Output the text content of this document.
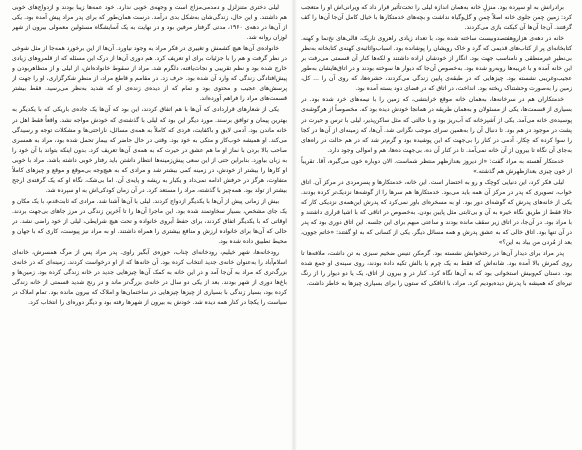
برادرانش به او سپرده بود. منزلِ خانه به‌همان اندازه لیلی را تحت‌تأثیر قرار داد که ویرانی‌اش او را متعجب کرد: زمین چمن جلوی خانه اصلاً چمن و گل‌وگیاه نداشت و بچه‌های خدمتکارها با خیال کامل آن‌جا آن‌ها را کف گرفتند. آن‌جا آن‌ها آن کبکت بازی می‌کردند.

خانه در دهه‌ی هزاروهفتصدوبیست ساخته شده بود، با تعداد زیادی راهروی تاریک، قالی‌های نخ‌نما و کهنه. کتابخانه‌ای پر از کتاب‌های قدیمی که گرد و خاک رویشان را پوشانده بود. اسباب‌واثاثیه‌ی کهنه‌ی کتابخانه به‌نظر بی‌نظیرِ غیرمنطقی و نامناسب جهت بود. انگار از خودشان اراده داشتند و لکه‌ها کنار آن قسمتی می‌رفت بر این خانه آمده و با غریبه‌ها رو‌به‌رو شده بود. به‌خصوص آن‌جا که دیوار ها سوخته بودند و در اتاق‌هایشان به‌طور عجیب‌وغریبی نشسته بود. چیزهایی که در طبقه‌ی پایین زندگی می‌کردند، حشره‌ها، که روی آن را ... کل، زمین را به‌صورت وحشتناک ریخته بود. انداخت، در اتاق که در فضای دود بسته آمده بود.

خدمتکاران هم در سرخانه‌ها، به‌همان خانه موقع خرابتشی، که زمین را با نیمه‌های خرد شده بود. در بسیاری از قسمت‌ها، یکی از مسئولان و به‌همان طریقه در همانجا خودش دیده بود که. مخصوصاً از هرگوشه‌ی پوسیده‌ی خانه می‌آمد. یکی از آشپزخانه که آب‌ریز بود و با حالتی که مثل ساکن‌پذیر، لیلی با ترس و حیرت در پشت در موجود در هم بود. تا دنبال آن را به‌همین سرای موجب نگرانی شد. آن‌ها، که زمینه‌ای از آن‌ها در کجا را سوا کرده که چکار. آدمی در کنار را بی‌جهت که این پوشیده بود و گرم‌تر شد که در هم حالت در راه‌های به‌جای آن نگاه تا بیرون از آن خانه نمی‌آمد. تا در کنار آن ده، بی‌جهت ده‌ها، هم و اموالی وجود دارد.

خدمتکار آهسته به مراد گفت: «از دیروز بعدازظهر منتظر شماست. الان دوباره خون می‌گیره، آقا. تقریباً از خون چیزی بعدازظهرش هم گذشته.»

لیلی فکر کرد، این دنیایی کوچک و رو به احتضار است. این خانه، خدمتکارها و پسرمردی در مرکز آن. اتاق خواب، تصویری که پدر در مرکز آن همه باید می‌بود. خدمتکارها هم سرها را از گوشه‌ها نزدیک‌تر کرده بودند. یکی از خانه‌های پدرش که گوشه‌ای دور بود. او به مسخره‌ای باور نمی‌کرد که پدرش این‌همه‌ی نزدیکی کار که حالا فقط از طریق نگاه خیره به آن و بی‌ثابتی مثل پایین بودن. به‌خصوص در اتاقی که با اشیا قراری داشتند و با مراد بود. در آن‌جا، در اتاق زیر سقف مانده بودند و ساعتی مبهم برای این جلسه. این اتاق دوری بود که پدر در آن تنها بود. اتاق خالی که به عشق پدرش و همه مسائل دیگر. یکی از کسانی که به او گفتند: «خاتم جوون، بعد از مُردن من بیاد به این؟»

پدر مراد برای دیدار آن‌ها در رختخوابش نشسته بود. گرمکن تنیس ضخیم سبزی به تن داشت، ملافه‌ها تا روی کمرش بالا آمده بود. شانه‌اش که فقط به یک چرم یا بالش تکیه داده بودند، روی سینه‌ی او جمع شده بود. دستان کم‌وبیش استخوانی بود که به آن‌ها نگاه کرد. کنار در و بیرون از اتاق، یک یا دو دیوار را از رنگ تیره‌ای که همیشه با پدرش دیده‌بودیم کرد. مراد، با اتاقکی که ستون را برای بسیاری چیزها به خاطر داشت.

لیلی دختری متنزلزل و دمدمی‌مزاج است و وجهه‌ی خوبی ندارد. خود عمه‌ها زیبا بودند و ازدواج‌های خوبی هم داشتند. و این حال، زندگی‌شان به‌شکل بدی درآمد. درست همان‌طور که برای پدر مراد پیش آمده بود. یکی از آن‌ها در دهه‌ی ۱۹۶۰، مدتی گرفتار مرفین بود و در نهایت به یک آسایشگاه مسئولین معمولی بیرون از شهر لوزان روانه شد.

خانواده‌ی آن‌ها هیچ کشمش و تغییری در فکر مراد به وجود نیاورد. آن‌ها از این برخورد همه‌جا از مثل شوخی در نظر گرفت و هم را با جزئیات برای او تعریف کرد. هم دوری آن‌ها از درک این مسئله که از قلمروهای زیادی خارج شده بود و نظم تقریبی و نجات‌یافته، دلگرم شد. مراد از سقوط خانواده‌اش، از لیلی و از متظاهربودن و پیش‌افتادگی زندگی که وارد آن شده بود. حرف زد. در مقامم و قاطع مراد، از منظرِ شکرگزاری، او را جهت از پرسش‌های عجیب و محتوی بود و تمام که از دیده‌ی زنده‌ی او که شدید به‌نظر ‌می‌رسید. فقط بیشتر قسمت‌های مراد را فراهم آورده‌اند.

یکی از شعارهای قراردادی که آن‌ها با هم اتفاق کردند، این بود که آن‌ها یک جاده‌ی باریکی که با یکدیگر به بهترین پیمان و توافق برسند. مورد دیگر این بود که لیلی با گذشته‌ی که خودش مواجه نشد. واقعاً فقط اهل در خانه ماندن بود. آدمی لایق و باکفایت، فردی که کاملاً به همه‌ی مسائل، ناراحتی‌ها و مشکلات توجه و رسیدگی می‌کند. او همیشه خوب‌کار و متکی به خود بود. وقتی در حال حاضر که بیمار تحمل شده بود، مراد به همسری صاحب بالا بردن با نماز او ما هم عشق در حیرت که به همه‌ی آن‌ها تعریف کرد. بدون اینکه بتواند با آن خود را به زبان بیاورد. بنابراین حتی از این سعی پیش‌زمینه‌ها انتظار داشتن باید رفتار خوبی داشته باشد. مراد با خوبی او کارها را بیشتر از خودش، در زمینه کمی بیشتر شد و مرادی که به هیچ‌وجه بی‌موقع و موقع و چیزهای کاملاً متفاوت، هرگز در حرفش ادامه نمی‌داد و یکبار به ریشه و پایه‌ی آن. اما بی‌شک، نگاه او که یک گرفته‌ی ارجح بیشتر از تولد بود. همه‌چیز با گذشته، مراد را مستعد کرد. در آن زمان کودکی‌اش به او سپرده شد.

بیش از زمانی پیش از آن‌ها با یکدیگر ازدواج کردند. لیلی با آن‌ها آشنا شد. مرادی که ثابت‌قدم، با یک مکان و یک جای مشخص، بسیار سخاوتمند شده بود. این ماجرا آن‌ها را تا آخرین زندگی در مرز جاهای بی‌جهت بردند. اوقاتی که با یکدیگر اتفاق کردند، برای حفظ آبروی خانواده و تحت هیچ شرایطی، لیلی از خود راضی نشد. در حالی که آن‌ها برای خانواده ارزش و منافع بیشتری را همراه داشتند. او به مراد نیز پیوست، کاری که با جهان و محیط تطبیق داده شده بود.

رودخانه‌ها، شهر خیلیم، رودخانه‌ای چناب، حوزه‌ی آبگیر راوی. پدر مراد پس از مرگ همسرش، خانه‌ای اسلام‌آباد را به‌عنوان خانه‌ی جدید انتخاب کرده بود. آن خانه‌ها که از او درخواست کردند. زمینه‌ای که در خانه‌ی بزرگ‌تری که مراد به آن‌جا آمد و در این خانه به کمک آن‌ها چیزهایی جدید در خانه زندگی کرده بود. زمین‌ها و باغ‌ها دوری از شهر بودند. بعد از یکی دو سال در خانه‌ی بزرگ‌تر ماند و در رنج شدید قسمتی از خانه زندگی کرده بود، بسیار زندگی با بسیاری از چیزها چیزهایی در ساختمان‌ها و املاک که بیرون مانده بود. تمام املاک در سیاست را یکجا در کنار همه دیده شد. خودش به بیرون از شهرها رفته بود و دیگر دوره‌ای را انتخاب کرد.
